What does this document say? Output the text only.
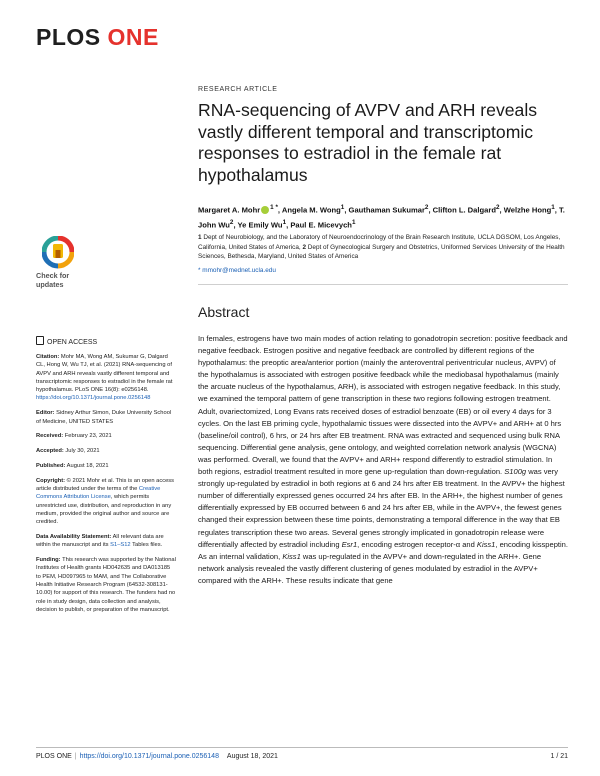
PLOS ONE
RESEARCH ARTICLE
RNA-sequencing of AVPV and ARH reveals vastly different temporal and transcriptomic responses to estradiol in the female rat hypothalamus
Margaret A. Mohr $^{1 *}$, Angela M. Wong$^1$, Gauthaman Sukumar$^2$, Clifton L. Dalgard$^2$, Welzhe Hong$^1$, T. John Wu$^2$, Ye Emily Wu$^1$, Paul E. Micevych$^1$
1 Dept of Neurobiology, and the Laboratory of Neuroendocrinology of the Brain Research Institute, UCLA DGSOM, Los Angeles, California, United States of America, 2 Dept of Gynecological Surgery and Obstetrics, Uniformed Services University of the Health Sciences, Bethesda, Maryland, United States of America
* mmohr@mednet.ucla.edu
Abstract
In females, estrogens have two main modes of action relating to gonadotropin secretion: positive feedback and negative feedback. Estrogen positive and negative feedback are controlled by different regions of the hypothalamus: the preoptic area/anterior portion (mainly the anteroventral periventricular nucleus, AVPV) of the hypothalamus is associated with estrogen positive feedback while the mediobasal hypothalamus (mainly the arcuate nucleus of the hypothalamus, ARH), is associated with estrogen negative feedback. In this study, we examined the temporal pattern of gene transcription in these two regions following estrogen treatment. Adult, ovariectomized, Long Evans rats received doses of estradiol benzoate (EB) or oil every 4 days for 3 cycles. On the last EB priming cycle, hypothalamic tissues were dissected into the AVPV+ and ARH+ at 0 hrs (baseline/oil control), 6 hrs, or 24 hrs after EB treatment. RNA was extracted and sequenced using bulk RNA sequencing. Differential gene analysis, gene ontology, and weighted correlation network analysis (WGCNA) was performed. Overall, we found that the AVPV+ and ARH+ respond differently to estradiol stimulation. In both regions, estradiol treatment resulted in more gene up-regulation than down-regulation. S100g was very strongly up-regulated by estradiol in both regions at 6 and 24 hrs after EB treatment. In the AVPV+ the highest number of differentially expressed genes occurred 24 hrs after EB. In the ARH+, the highest number of genes differentially expressed by EB occurred between 6 and 24 hrs after EB, while in the AVPV+, the fewest genes changed their expression between these time points, demonstrating a temporal difference in the way that EB regulates transcription these two areas. Several genes strongly implicated in gonadotropin release were differentially affected by estradiol including Esr1, encoding estrogen receptor-α and Kiss1, encoding kisspeptin. As an internal validation, Kiss1 was up-regulated in the AVPV+ and down-regulated in the ARH+. Gene network analysis revealed the vastly different clustering of genes modulated by estradiol in the AVPV+ compared with the ARH+. These results indicate that gene
Check for
updates
OPEN ACCESS
Citation: Mohr MA, Wong AM, Sukumar G, Dalgard CL, Hong W, Wu TJ, et al. (2021) RNA-sequencing of AVPV and ARH reveals vastly different temporal and transcriptomic responses to estradiol in the female rat hypothalamus. PLoS ONE 16(8): e0256148. https://doi.org/10.1371/journal.pone.0256148
Editor: Sidney Arthur Simon, Duke University School of Medicine, UNITED STATES
Received: February 23, 2021
Accepted: July 30, 2021
Published: August 18, 2021
Copyright: © 2021 Mohr et al. This is an open access article distributed under the terms of the Creative Commons Attribution License, which permits unrestricted use, distribution, and reproduction in any medium, provided the original author and source are credited.
Data Availability Statement: All relevant data are within the manuscript and its S1–S12 Tables files.
Funding: This research was supported by the National Institutes of Health grants HD042635 and DA013185 to PEM, HD097965 to MAM, and The Collaborative Health Initiative Research Program (64532-308131-10.00) for support of this research. The funders had no role in study design, data collection and analysis, decision to publish, or preparation of the manuscript.
PLOS ONE | https://doi.org/10.1371/journal.pone.0256148 August 18, 2021	1 / 21
